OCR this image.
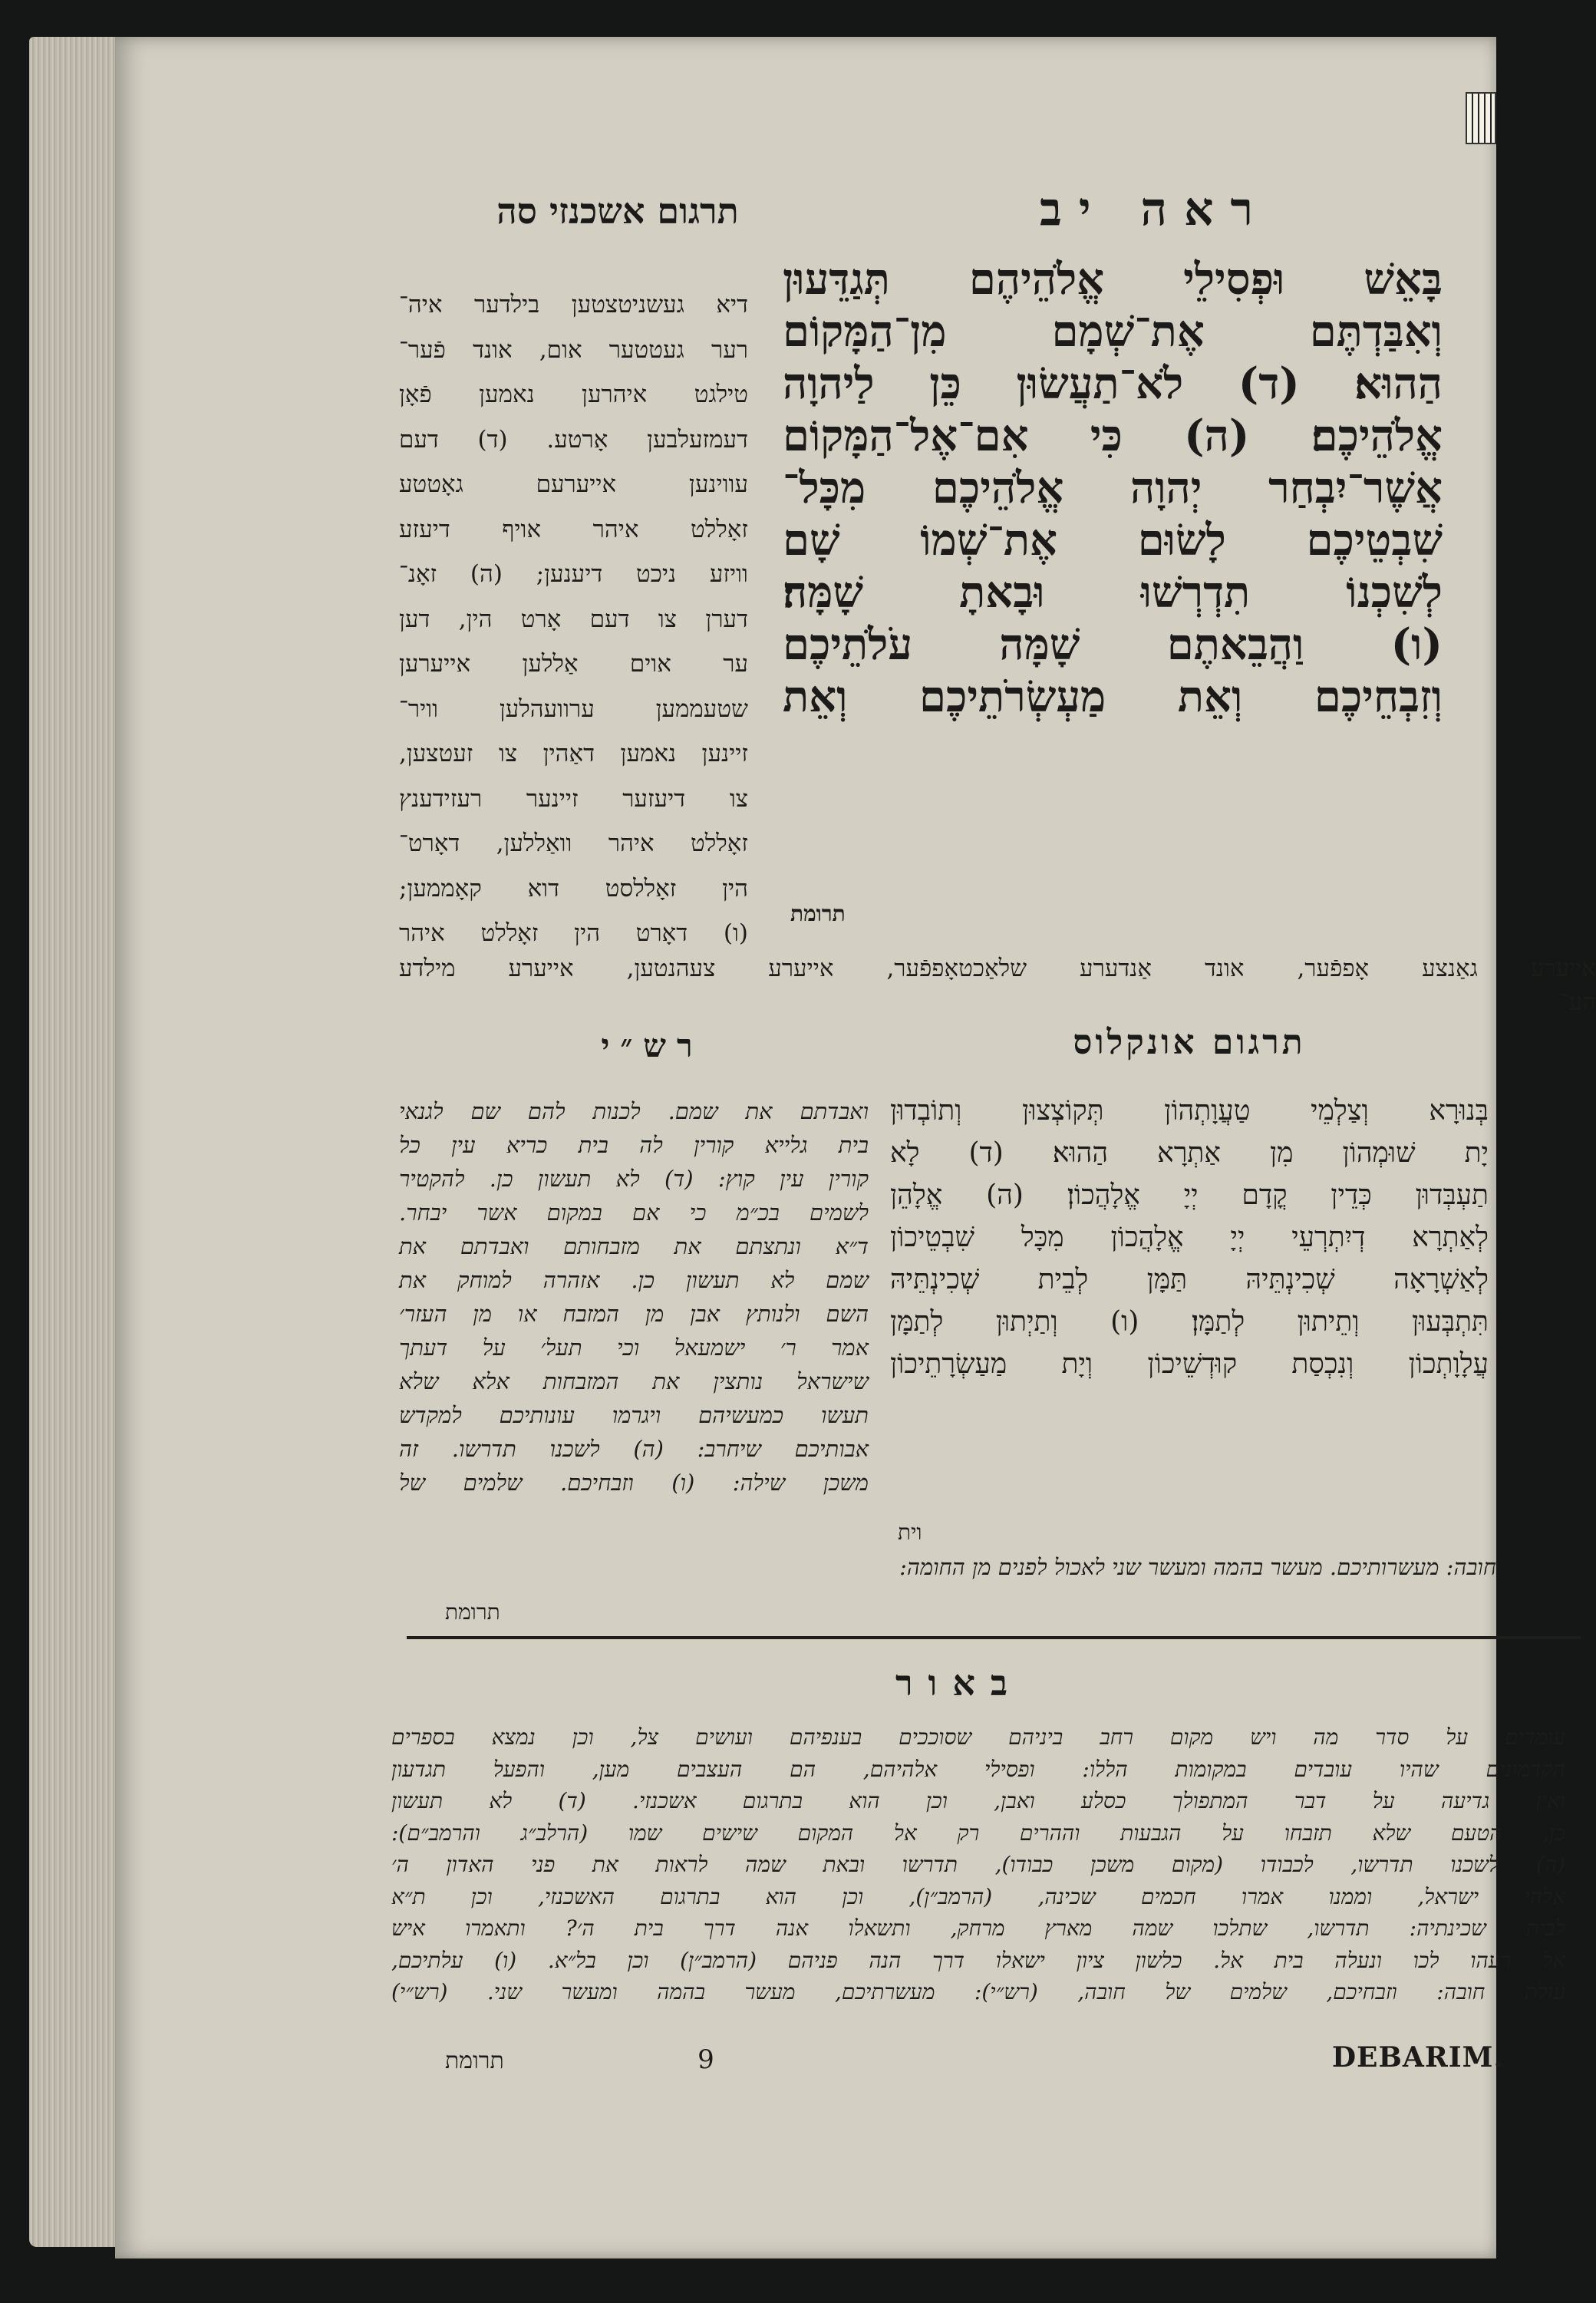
ראה יב
תרגום אשכנזי סה
בָּאֵשׁ וּפְסִילֵי אֱלֹהֵיהֶם תְּגַדֵּעוּן
וְאִבַּדְתֶּם אֶת־שְׁמָם מִן־הַמָּקוֹם
הַהוּא׃ (ד) לֹא־תַעֲשׂוּן כֵּן לַיהוָה
אֱלֹהֵיכֶם׃ (ה) כִּי אִם־אֶל־הַמָּקוֹם
אֲשֶׁר־יִבְחַר יְהוָה אֱלֹהֵיכֶם מִכָּל־
שִׁבְטֵיכֶם לָשׂוּם אֶת־שְׁמוֹ שָׁם
לְשִׁכְנוֹ תִדְרְשׁוּ וּבָאתָ שָׁמָּה׃
(ו) וַהֲבֵאתֶם שָׁמָּה עֹלֹתֵיכֶם
וְזִבְחֵיכֶם וְאֵת מַעְשְׂרֹתֵיכֶם וְאֵת
תרומת
דיא געשניטצטען בילדער איה־
רער געטטער אום, אונד פֿער־
טילגט איהרען נאמען פֿאָן
דעמזעלבען אָרטע. (ד) דעם
עווינען אייערעם גאָטטע
זאָללט איהר אויף דיעזע
וויזע ניכט דיענען; (ה) זאָנ־
דערן צו דעם אָרט הין, דען
ער אוים אַללען אייערען
שטעממען ערוועהלען וויר־
זיינען נאמען דאַהין צו זעטצען,
צו דיעזער זיינער רעזידענץ
זאָללט איהר וואַללען, דאָרט־
הין זאָללסט דוא קאָממען;
(ו) דאָרט הין זאָללט איהר
אייערע גאַנצע אָפפֿער, אונד אַנדערע שלאַכטאָפפֿער, אייערע צעהנטען, אייערע מילדע
הע־
תרגום אונקלוס
רש״י
בְּנוּרָא וְצַלְמֵי טַעֲוָתְהוֹן תְּקוֹצְצוּן וְתוֹבְדוּן
יָת שׁוּמְהוֹן מִן אַתְרָא הַהוּא׃ (ד) לָא
תַעְבְּדוּן כְּדֵין קֳדָם יְיָ אֱלָהֲכוֹן׃ (ה) אֱלָהֵן
לְאַתְרָא דְיִתְרְעֵי יְיָ אֱלָהֲכוֹן מִכָּל שִׁבְטֵיכוֹן
לְאַשְׁרָאָה שְׁכִינְתֵּיהּ תַּמָּן לְבֵית שְׁכִינְתֵּיהּ
תִּתְבְּעוּן וְתֵיתוּן לְתַמָּן׃ (ו) וְתַיְתוּן לְתַמָּן
עֲלָוָתְכוֹן וְנִכְסַת קוּדְשֵׁיכוֹן וְיָת מַעַשְׂרָתֵיכוֹן
וית
ואבדתם את שמם. לכנות להם שם לגנאי
בית גלייא קורין לה בית כריא עין כל
קורין עין קוץ: (ד) לא תעשון כן. להקטיר
לשמים בכ״מ כי אם במקום אשר יבחר.
ד״א ונתצתם את מזבחותם ואבדתם את
שמם לא תעשון כן. אזהרה למוחק את
השם ולנותץ אבן מן המזבח או מן העזר׳
אמר ר׳ ישמעאל וכי תעל׳ על דעתך
שישראל נותצין את המזבחות אלא שלא
תעשו כמעשיהם ויגרמו עונותיכם למקדש
אבותיכם שיחרב: (ה) לשכנו תדרשו. זה
משכן שילה: (ו) וזבחיכם. שלמים של
חובה: מעשרותיכם. מעשר בהמה ומעשר שני לאכול לפנים מן החומה:
תרומת
באור
עומדים על סדר מה ויש מקום רחב ביניהם שסוככים בענפיהם ועושים צל, וכן נמצא בספרים
הקדמונים שהיו עובדים במקומות הללו: ופסילי אלהיהם, הם העצבים מען, והפעל תגדעון
ואין גדיעה על דבר המתפולך כסלע ואבן, וכן הוא בתרגום אשכנזי. (ד) לא תעשון
כן, הטעם שלא תזבחו על הגבעות וההרים רק אל המקום שישים שמו (הרלב״ג והרמב״ם):
(ה) לשכנו תדרשו, לכבודו (מקום משכן כבודו), תדרשו ובאת שמה לראות את פני האדון ה׳
אלהי ישראל, וממנו אמרו חכמים שכינה, (הרמב״ן), וכן הוא בתרגום האשכנזי, וכן ת״א
לבית שכינתיה: תדרשו, שתלכו שמה מארץ מרחק, ותשאלו אנה דרך בית ה׳? ותאמרו איש
אל רעהו לכו ונעלה בית אל. כלשון ציון ישאלו דרך הנה פניהם (הרמב״ן) וכן בל״א. (ו) עלתיכם,
עולת חובה: וזבחיכם, שלמים של חובה, (רש״י): מעשרתיכם, מעשר בהמה ומעשר שני. (רש״י)
תרומת	9	DEBARIM.
